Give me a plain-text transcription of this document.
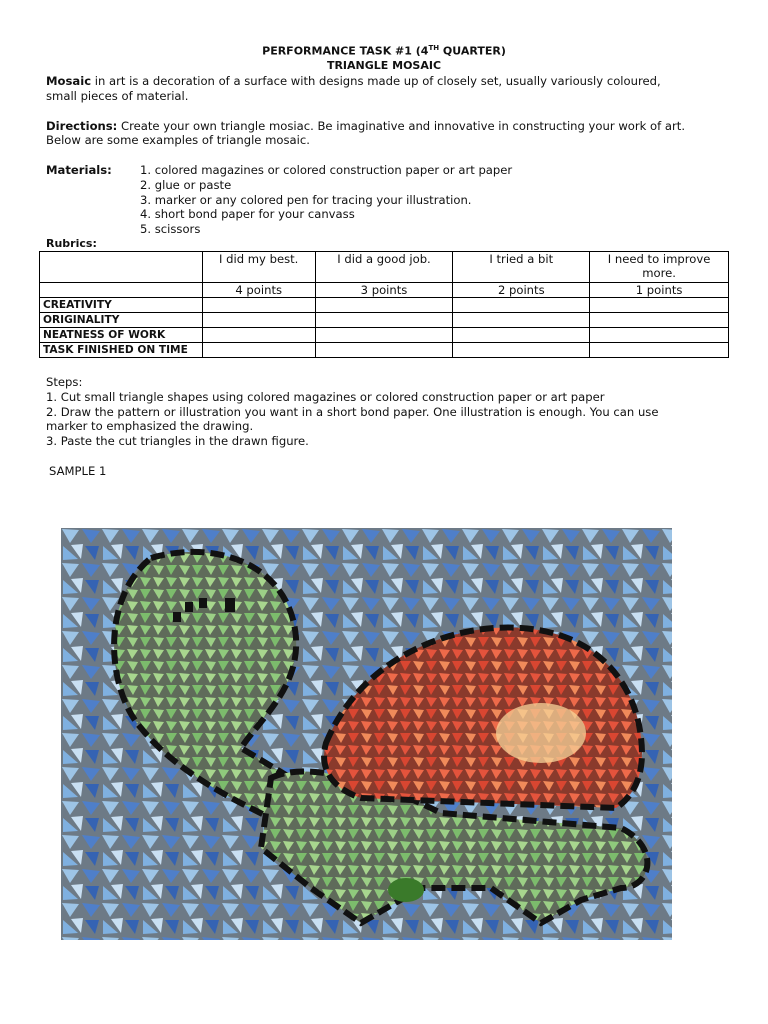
PERFORMANCE TASK #1 (4TH QUARTER)
TRIANGLE MOSAIC
Mosaic in art is a decoration of a surface with designs made up of closely set, usually variously coloured,
small pieces of material.
Directions: Create your own triangle mosiac. Be imaginative and innovative in constructing your work of art.
Below are some examples of triangle mosaic.
Materials: 1. colored magazines or colored construction paper or art paper
2. glue or paste
3. marker or any colored pen for tracing your illustration.
4. short bond paper for your canvass
5. scissors
Rubrics:
	I did my best.	I did a good job.	I tried a bit	I need to improve more.
	4 points	3 points	2 points	1 points
CREATIVITY				
ORIGINALITY				
NEATNESS OF WORK				
TASK FINISHED ON TIME				
Steps:
1. Cut small triangle shapes using colored magazines or colored construction paper or art paper
2. Draw the pattern or illustration you want in a short bond paper. One illustration is enough. You can use
marker to emphasized the drawing.
3. Paste the cut triangles in the drawn figure.
SAMPLE 1
